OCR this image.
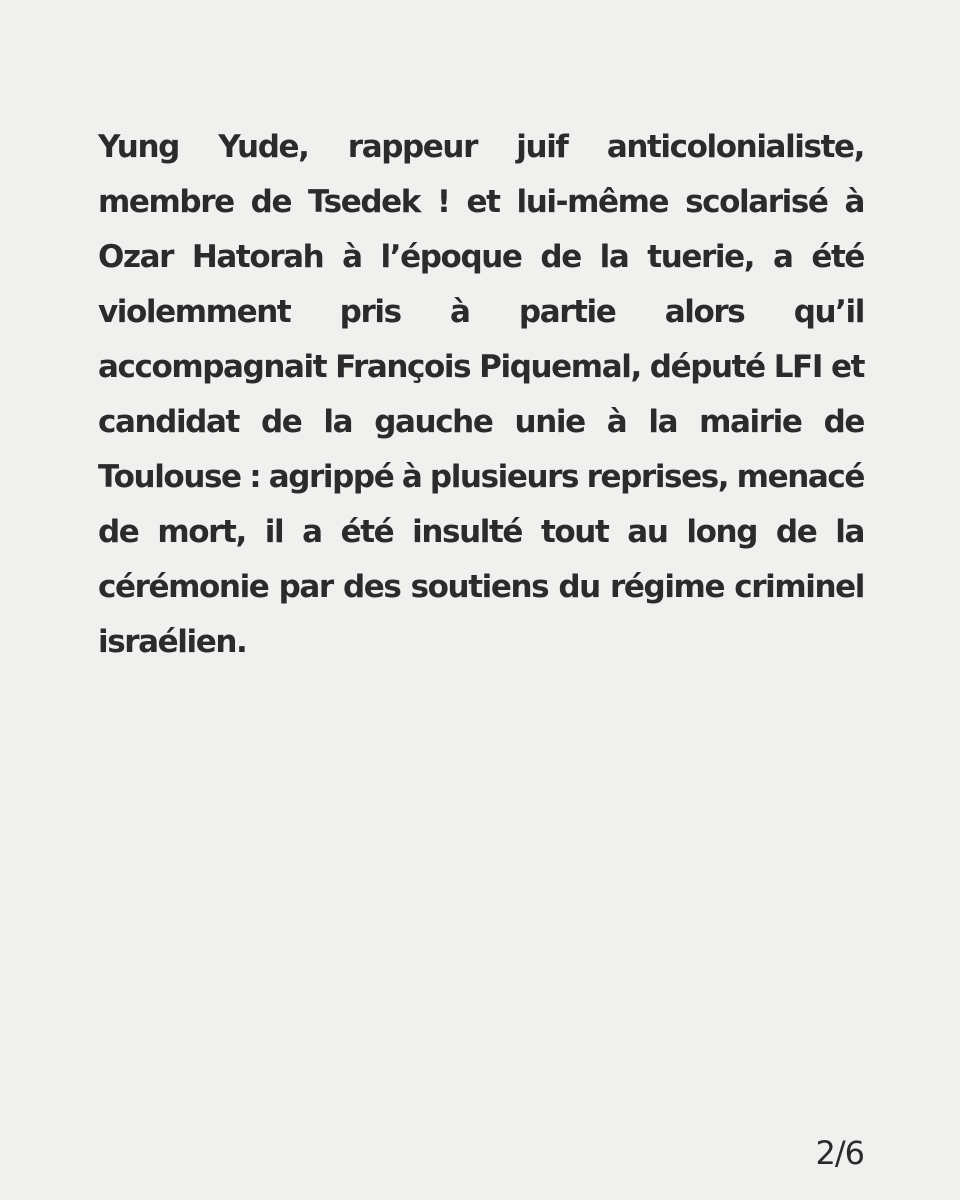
Yung Yude, rappeur juif anticolonialiste, membre de Tsedek ! et lui-même scolarisé à Ozar Hatorah à l’époque de la tuerie, a été violemment pris à partie alors qu’il accompagnait François Piquemal, député LFI et candidat de la gauche unie à la mairie de Toulouse : agrippé à plusieurs reprises, menacé de mort, il a été insulté tout au long de la cérémonie par des soutiens du régime criminel israélien.

2/6
